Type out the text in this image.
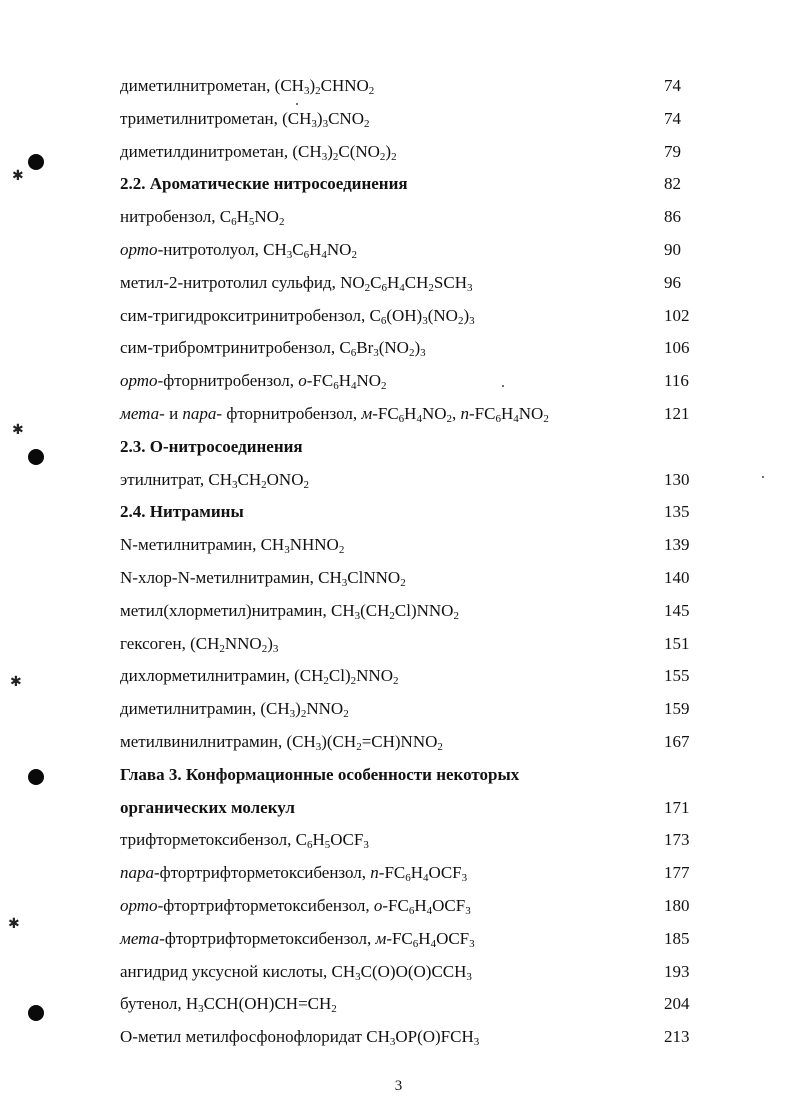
диметилнитрометан, $(CH_3)_2CHNO_2$	74
триметилнитрометан, $(CH_3)_3CNO_2$	74
диметилдинитрометан, $(CH_3)_2C(NO_2)_2$	79
2.2. Ароматические нитросоединения	82
нитробензол, $C_6H_5NO_2$	86
орто-нитротолуол, $CH_3C_6H_4NO_2$	90
метил-2-нитротолил сульфид, $NO_2C_6H_4CH_2SCH_3$	96
сим-тригидрокситринитробензол, $C_6(OH)_3(NO_2)_3$	102
сим-трибромтринитробензол, $C_6Br_3(NO_2)_3$	106
орто-фторнитробензол, $о-FC_6H_4NO_2$	116
мета- и пара- фторнитробензол, $м-FC_6H_4NO_2$, $п-FC_6H_4NO_2$	121
2.3. О-нитросоединения
этилнитрат, $CH_3CH_2ONO_2$	130
2.4. Нитрамины	135
N-метилнитрамин, $CH_3NHNO_2$	139
N-хлор-N-метилнитрамин, $CH_3ClNNO_2$	140
метил(хлорметил)нитрамин, $CH_3(CH_2Cl)NNO_2$	145
гексоген, $(CH_2NNO_2)_3$	151
дихлорметилнитрамин, $(CH_2Cl)_2NNO_2$	155
диметилнитрамин, $(CH_3)_2NNO_2$	159
метилвинилнитрамин, $(CH_3)(CH_2=CH)NNO_2$	167
Глава 3. Конформационные особенности некоторых
органических молекул	171
трифторметоксибензол, $C_6H_5OCF_3$	173
пара-фтортрифторметоксибензол, $п-FC_6H_4OCF_3$	177
орто-фтортрифторметоксибензол, $о-FC_6H_4OCF_3$	180
мета-фтортрифторметоксибензол, $м-FC_6H_4OCF_3$	185
ангидрид уксусной кислоты, $CH_3C(O)O(O)CCH_3$	193
бутенол, $H_3CCH(OH)CH=CH_2$	204
О-метил метилфосфонофлоридат $CH_3OP(O)FCH_3$	213
3
✱
✱
✱
✱
